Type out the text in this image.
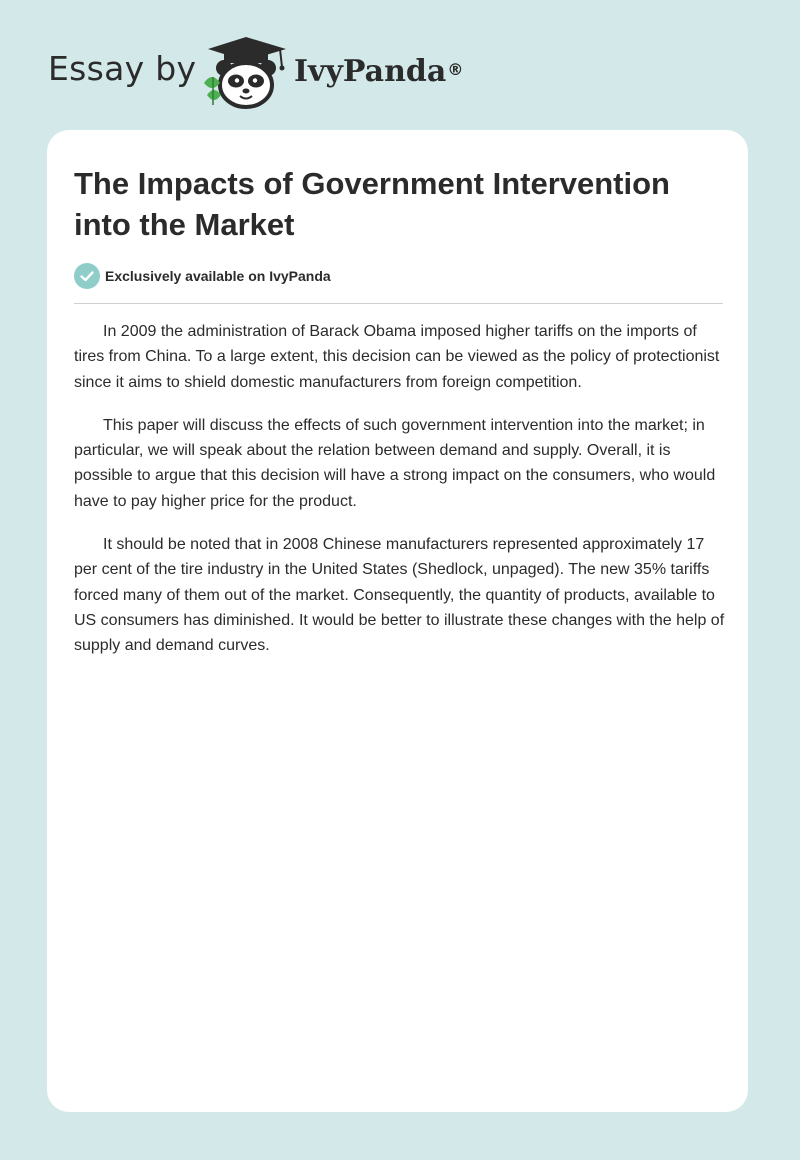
Essay by	IvyPanda®
The Impacts of Government Intervention into the Market
Exclusively available on IvyPanda

In 2009 the administration of Barack Obama imposed higher tariffs on the imports of tires from China. To a large extent, this decision can be viewed as the policy of protectionist since it aims to shield domestic manufacturers from foreign competition.

This paper will discuss the effects of such government intervention into the market; in particular, we will speak about the relation between demand and supply. Overall, it is possible to argue that this decision will have a strong impact on the consumers, who would have to pay higher price for the product.

It should be noted that in 2008 Chinese manufacturers represented approximately 17 per cent of the tire industry in the United States (Shedlock, unpaged). The new 35% tariffs forced many of them out of the market. Consequently, the quantity of products, available to US consumers has diminished. It would be better to illustrate these changes with the help of supply and demand curves.
